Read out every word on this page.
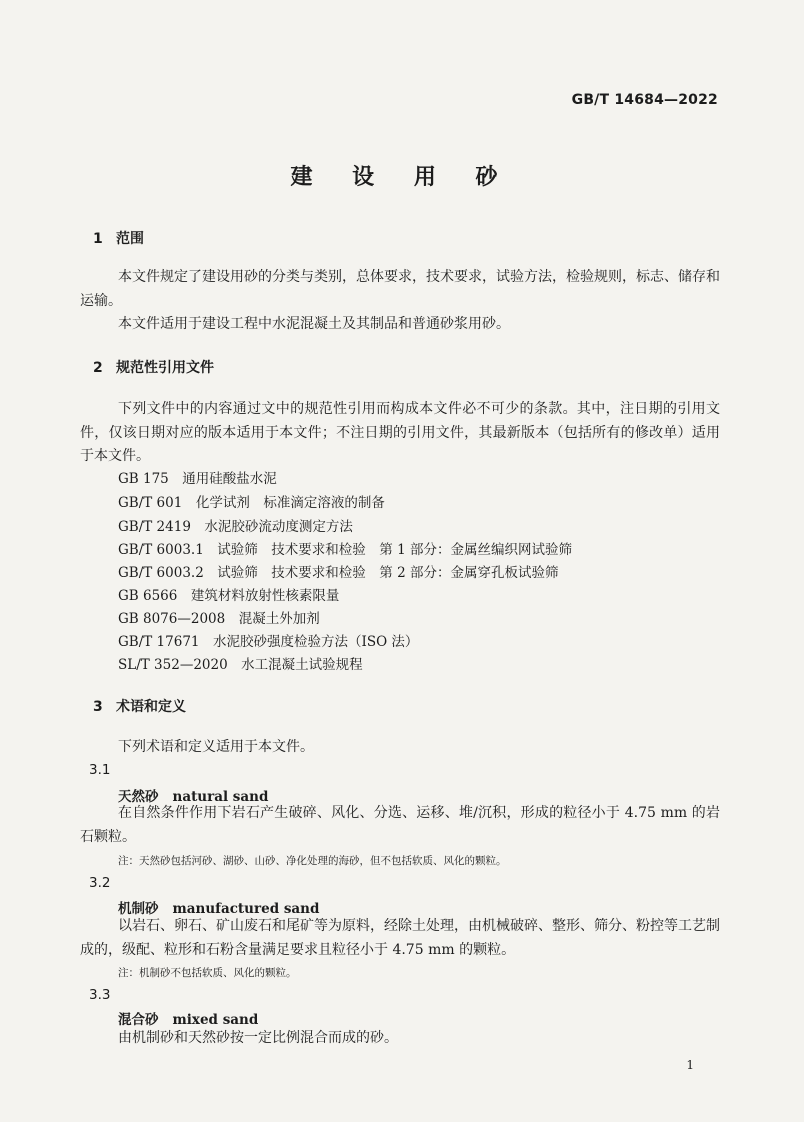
GB/T 14684—2022
建 设 用 砂
1 范围
本文件规定了建设用砂的分类与类别，总体要求，技术要求，试验方法，检验规则，标志、储存和运输。
本文件适用于建设工程中水泥混凝土及其制品和普通砂浆用砂。
2 规范性引用文件
下列文件中的内容通过文中的规范性引用而构成本文件必不可少的条款。其中，注日期的引用文件，仅该日期对应的版本适用于本文件；不注日期的引用文件，其最新版本（包括所有的修改单）适用于本文件。
GB 175　通用硅酸盐水泥
GB/T 601　化学试剂　标准滴定溶液的制备
GB/T 2419　水泥胶砂流动度测定方法
GB/T 6003.1　试验筛　技术要求和检验　第 1 部分：金属丝编织网试验筛
GB/T 6003.2　试验筛　技术要求和检验　第 2 部分：金属穿孔板试验筛
GB 6566　建筑材料放射性核素限量
GB 8076—2008　混凝土外加剂
GB/T 17671　水泥胶砂强度检验方法（ISO 法）
SL/T 352—2020　水工混凝土试验规程
3 术语和定义
下列术语和定义适用于本文件。
3.1
天然砂 natural sand
在自然条件作用下岩石产生破碎、风化、分选、运移、堆/沉积，形成的粒径小于 4.75 mm 的岩石颗粒。
注：天然砂包括河砂、湖砂、山砂、净化处理的海砂，但不包括软质、风化的颗粒。
3.2
机制砂 manufactured sand
以岩石、卵石、矿山废石和尾矿等为原料，经除土处理，由机械破碎、整形、筛分、粉控等工艺制成的，级配、粒形和石粉含量满足要求且粒径小于 4.75 mm 的颗粒。
注：机制砂不包括软质、风化的颗粒。
3.3
混合砂 mixed sand
由机制砂和天然砂按一定比例混合而成的砂。
1
